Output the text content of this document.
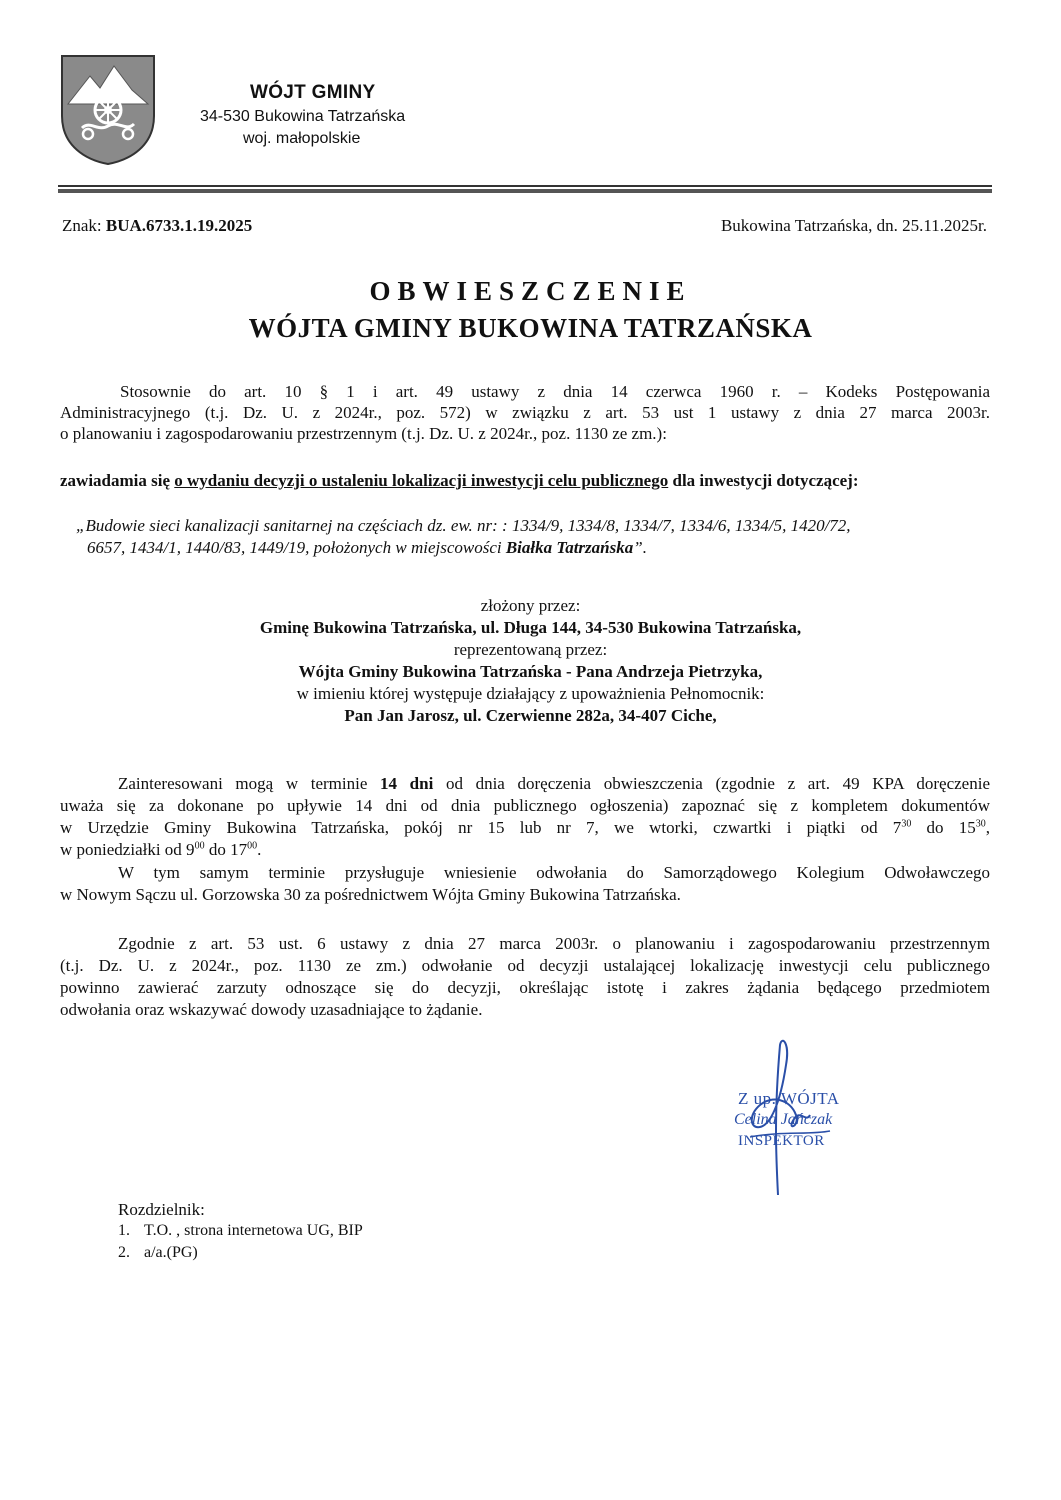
WÓJT GMINY
34-530 Bukowina Tatrzańska
woj. małopolskie
Znak: BUA.6733.1.19.2025	Bukowina Tatrzańska, dn. 25.11.2025r.
OBWIESZCZENIE
WÓJTA GMINY BUKOWINA TATRZAŃSKA
Stosownie do art. 10 § 1 i art. 49 ustawy z dnia 14 czerwca 1960 r. – Kodeks Postępowania
Administracyjnego (t.j. Dz. U. z 2024r., poz. 572) w związku z art. 53 ust 1 ustawy z dnia 27 marca 2003r.
o planowaniu i zagospodarowaniu przestrzennym (t.j. Dz. U. z 2024r., poz. 1130 ze zm.):
zawiadamia się o wydaniu decyzji o ustaleniu lokalizacji inwestycji celu publicznego dla inwestycji dotyczącej:
„Budowie sieci kanalizacji sanitarnej na częściach dz. ew. nr: : 1334/9, 1334/8, 1334/7, 1334/6, 1334/5, 1420/72,
6657, 1434/1, 1440/83, 1449/19, położonych w miejscowości Białka Tatrzańska”.
złożony przez:
Gminę Bukowina Tatrzańska, ul. Długa 144, 34-530 Bukowina Tatrzańska,
reprezentowaną przez:
Wójta Gminy Bukowina Tatrzańska - Pana Andrzeja Pietrzyka,
w imieniu której występuje działający z upoważnienia Pełnomocnik:
Pan Jan Jarosz, ul. Czerwienne 282a, 34-407 Ciche,
Zainteresowani mogą w terminie 14 dni od dnia doręczenia obwieszczenia (zgodnie z art. 49 KPA doręczenie
uważa się za dokonane po upływie 14 dni od dnia publicznego ogłoszenia) zapoznać się z kompletem dokumentów
w Urzędzie Gminy Bukowina Tatrzańska, pokój nr 15 lub nr 7, we wtorki, czwartki i piątki od $7^{30}$ do $15^{30}$,
w poniedziałki od $9^{00}$ do $17^{00}$.
W tym samym terminie przysługuje wniesienie odwołania do Samorządowego Kolegium Odwoławczego
w Nowym Sączu ul. Gorzowska 30 za pośrednictwem Wójta Gminy Bukowina Tatrzańska.
Zgodnie z art. 53 ust. 6 ustawy z dnia 27 marca 2003r. o planowaniu i zagospodarowaniu przestrzennym
(t.j. Dz. U. z 2024r., poz. 1130 ze zm.) odwołanie od decyzji ustalającej lokalizację inwestycji celu publicznego
powinno zawierać zarzuty odnoszące się do decyzji, określając istotę i zakres żądania będącego przedmiotem
odwołania oraz wskazywać dowody uzasadniające to żądanie.
Z up. WÓJTA
Celina Jańczak
INSPEKTOR
Rozdzielnik:
1. T.O. , strona internetowa UG, BIP
2. a/a.(PG)
